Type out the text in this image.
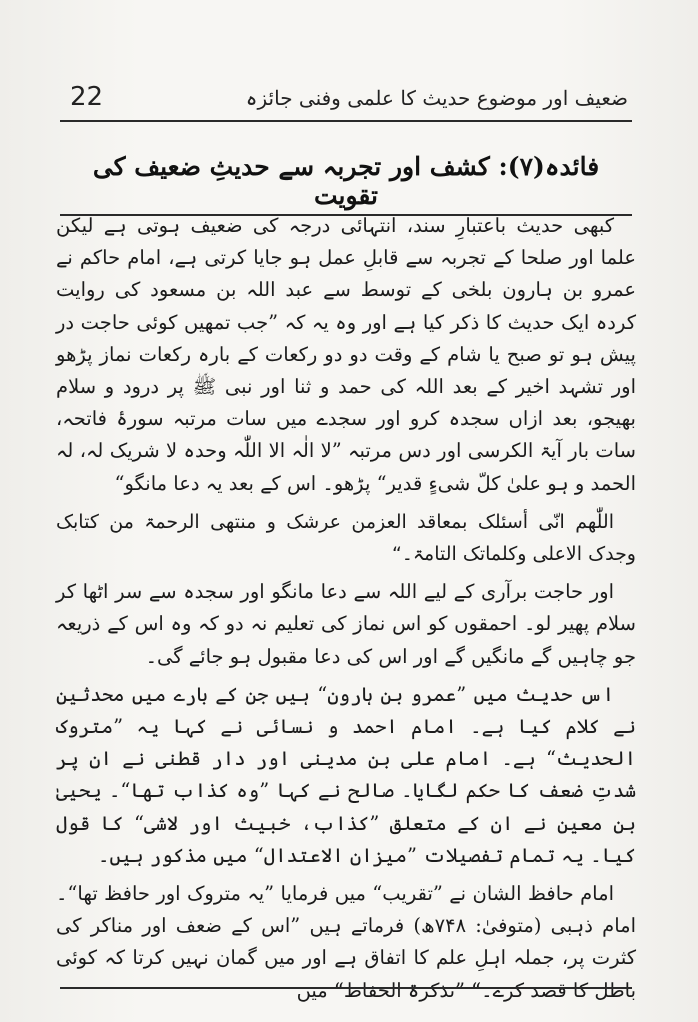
22	ضعیف اور موضوع حدیث کا علمی وفنی جائزہ
فائدہ(۷): کشف اور تجربہ سے حدیثِ ضعیف کی تقویت

کبھی حدیث باعتبارِ سند، انتہائی درجہ کی ضعیف ہوتی ہے لیکن علما اور صلحا کے تجربہ سے قابلِ عمل ہو جایا کرتی ہے، امام حاکم نے عمرو بن ہارون بلخی کے توسط سے عبد اللہ بن مسعود کی روایت کردہ ایک حدیث کا ذکر کیا ہے اور وہ یہ کہ ”جب تمھیں کوئی حاجت در پیش ہو تو صبح یا شام کے وقت دو دو رکعات کے بارہ رکعات نماز پڑھو اور تشہد اخیر کے بعد اللہ کی حمد و ثنا اور نبی ﷺ پر درود و سلام بھیجو، بعد ازاں سجدہ کرو اور سجدے میں سات مرتبہ سورۂ فاتحہ، سات بار آیۃ الکرسی اور دس مرتبہ ”لا الٰہ الا اللّٰہ وحدہ لا شریک لہ، لہ الحمد و ہو علیٰ کلّ شیءٍ قدیر“ پڑھو۔ اس کے بعد یہ دعا مانگو“

اللّٰھم انّی أسئلک بمعاقد العزمن عرشک و منتھی الرحمۃ من کتابک وجدک الاعلی وکلماتک التامۃ۔“

اور حاجت برآری کے لیے اللہ سے دعا مانگو اور سجدہ سے سر اٹھا کر سلام پھیر لو۔ احمقوں کو اس نماز کی تعلیم نہ دو کہ وہ اس کے ذریعہ جو چاہیں گے مانگیں گے اور اس کی دعا مقبول ہو جائے گی۔

اس حدیث میں ”عمرو بن ہارون“ ہیں جن کے بارے میں محدثین نے کلام کیا ہے۔ امام احمد و نسائی نے کہا یہ ”متروک الحدیث“ ہے۔ امام علی بن مدینی اور دار قطنی نے ان پر شدتِ ضعف کا حکم لگایا۔ صالح نے کہا ”وہ کذاب تھا“۔ یحییٰ بن معین نے ان کے متعلق ”کذاب، خبیث اور لاشی“ کا قول کیا۔ یہ تمام تفصیلات ”میزان الاعتدال“ میں مذکور ہیں۔

امام حافظ الشان نے ”تقریب“ میں فرمایا ”یہ متروک اور حافظ تھا“۔ امام ذہبی (متوفیٰ: ۷۴۸ھ) فرماتے ہیں ”اس کے ضعف اور مناکر کی کثرت پر، جملہ اہلِ علم کا اتفاق ہے اور میں گمان نہیں کرتا کہ کوئی باطل کا قصد کرے۔“ ”تذکرۃ الحفاظ“ میں
